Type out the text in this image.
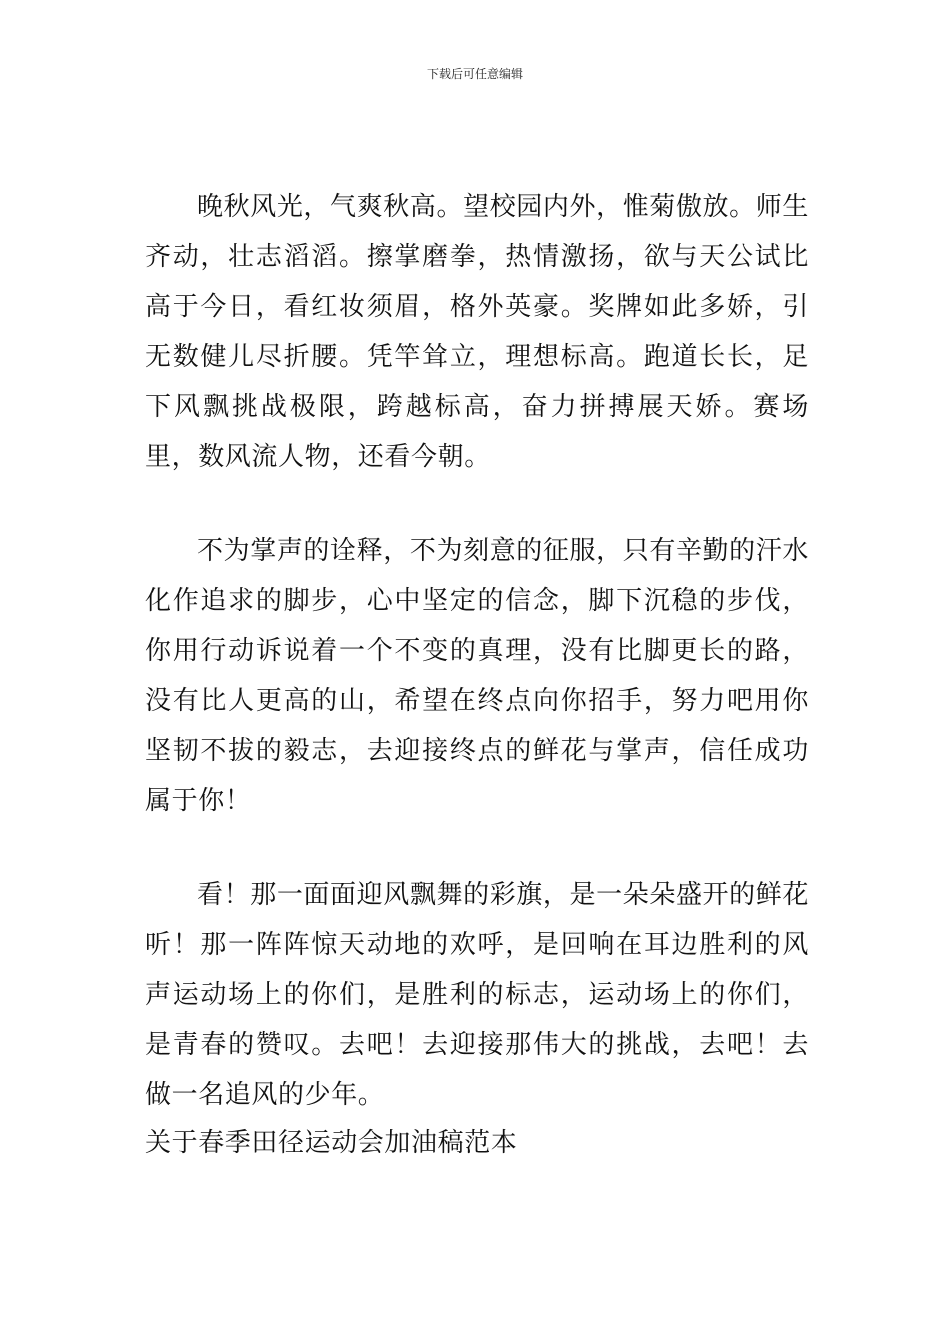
下载后可任意编辑

晚秋风光，气爽秋高。望校园内外，惟菊傲放。师生齐动，壮志滔滔。擦掌磨拳，热情激扬，欲与天公试比高于今日，看红妆须眉，格外英豪。奖牌如此多娇，引无数健儿尽折腰。凭竿耸立，理想标高。跑道长长，足下风飘挑战极限，跨越标高，奋力拼搏展天娇。赛场里，数风流人物，还看今朝。

不为掌声的诠释，不为刻意的征服，只有辛勤的汗水化作追求的脚步，心中坚定的信念，脚下沉稳的步伐，你用行动诉说着一个不变的真理，没有比脚更长的路，没有比人更高的山，希望在终点向你招手，努力吧用你坚韧不拔的毅志，去迎接终点的鲜花与掌声，信任成功属于你！

看！那一面面迎风飘舞的彩旗，是一朵朵盛开的鲜花听！那一阵阵惊天动地的欢呼，是回响在耳边胜利的风声运动场上的你们，是胜利的标志，运动场上的你们，是青春的赞叹。去吧！去迎接那伟大的挑战，去吧！去做一名追风的少年。

关于春季田径运动会加油稿范本
